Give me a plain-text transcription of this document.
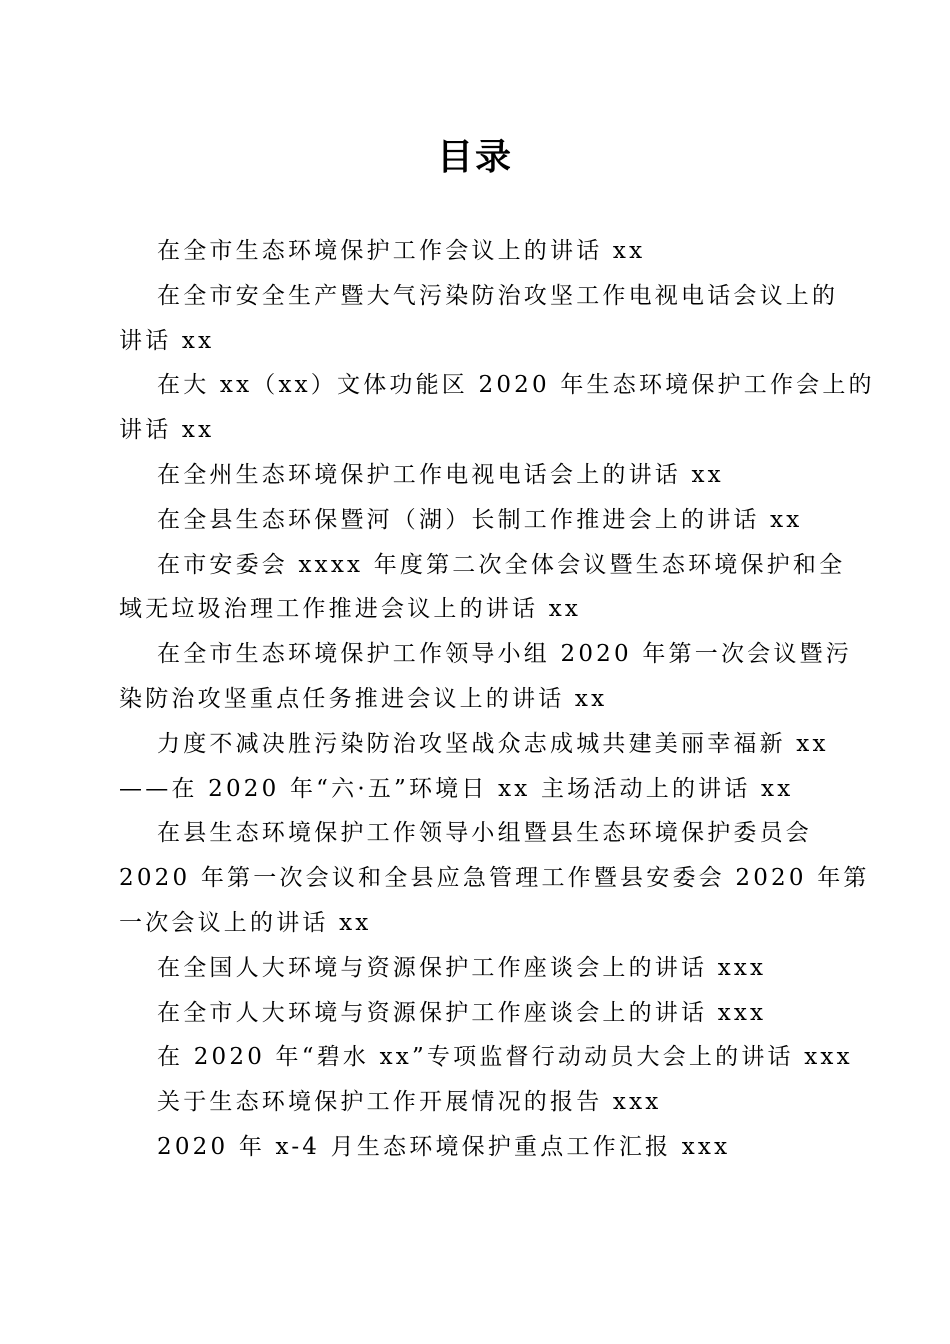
目录
在全市生态环境保护工作会议上的讲话 xx
在全市安全生产暨大气污染防治攻坚工作电视电话会议上的
讲话 xx
在大 xx（xx）文体功能区 2020 年生态环境保护工作会上的
讲话 xx
在全州生态环境保护工作电视电话会上的讲话 xx
在全县生态环保暨河（湖）长制工作推进会上的讲话 xx
在市安委会 xxxx 年度第二次全体会议暨生态环境保护和全
域无垃圾治理工作推进会议上的讲话 xx
在全市生态环境保护工作领导小组 2020 年第一次会议暨污
染防治攻坚重点任务推进会议上的讲话 xx
力度不减决胜污染防治攻坚战众志成城共建美丽幸福新 xx
——在 2020 年“六·五”环境日 xx 主场活动上的讲话 xx
在县生态环境保护工作领导小组暨县生态环境保护委员会
2020 年第一次会议和全县应急管理工作暨县安委会 2020 年第
一次会议上的讲话 xx
在全国人大环境与资源保护工作座谈会上的讲话 xxx
在全市人大环境与资源保护工作座谈会上的讲话 xxx
在 2020 年“碧水 xx”专项监督行动动员大会上的讲话 xxx
关于生态环境保护工作开展情况的报告 xxx
2020 年 x-4 月生态环境保护重点工作汇报 xxx
